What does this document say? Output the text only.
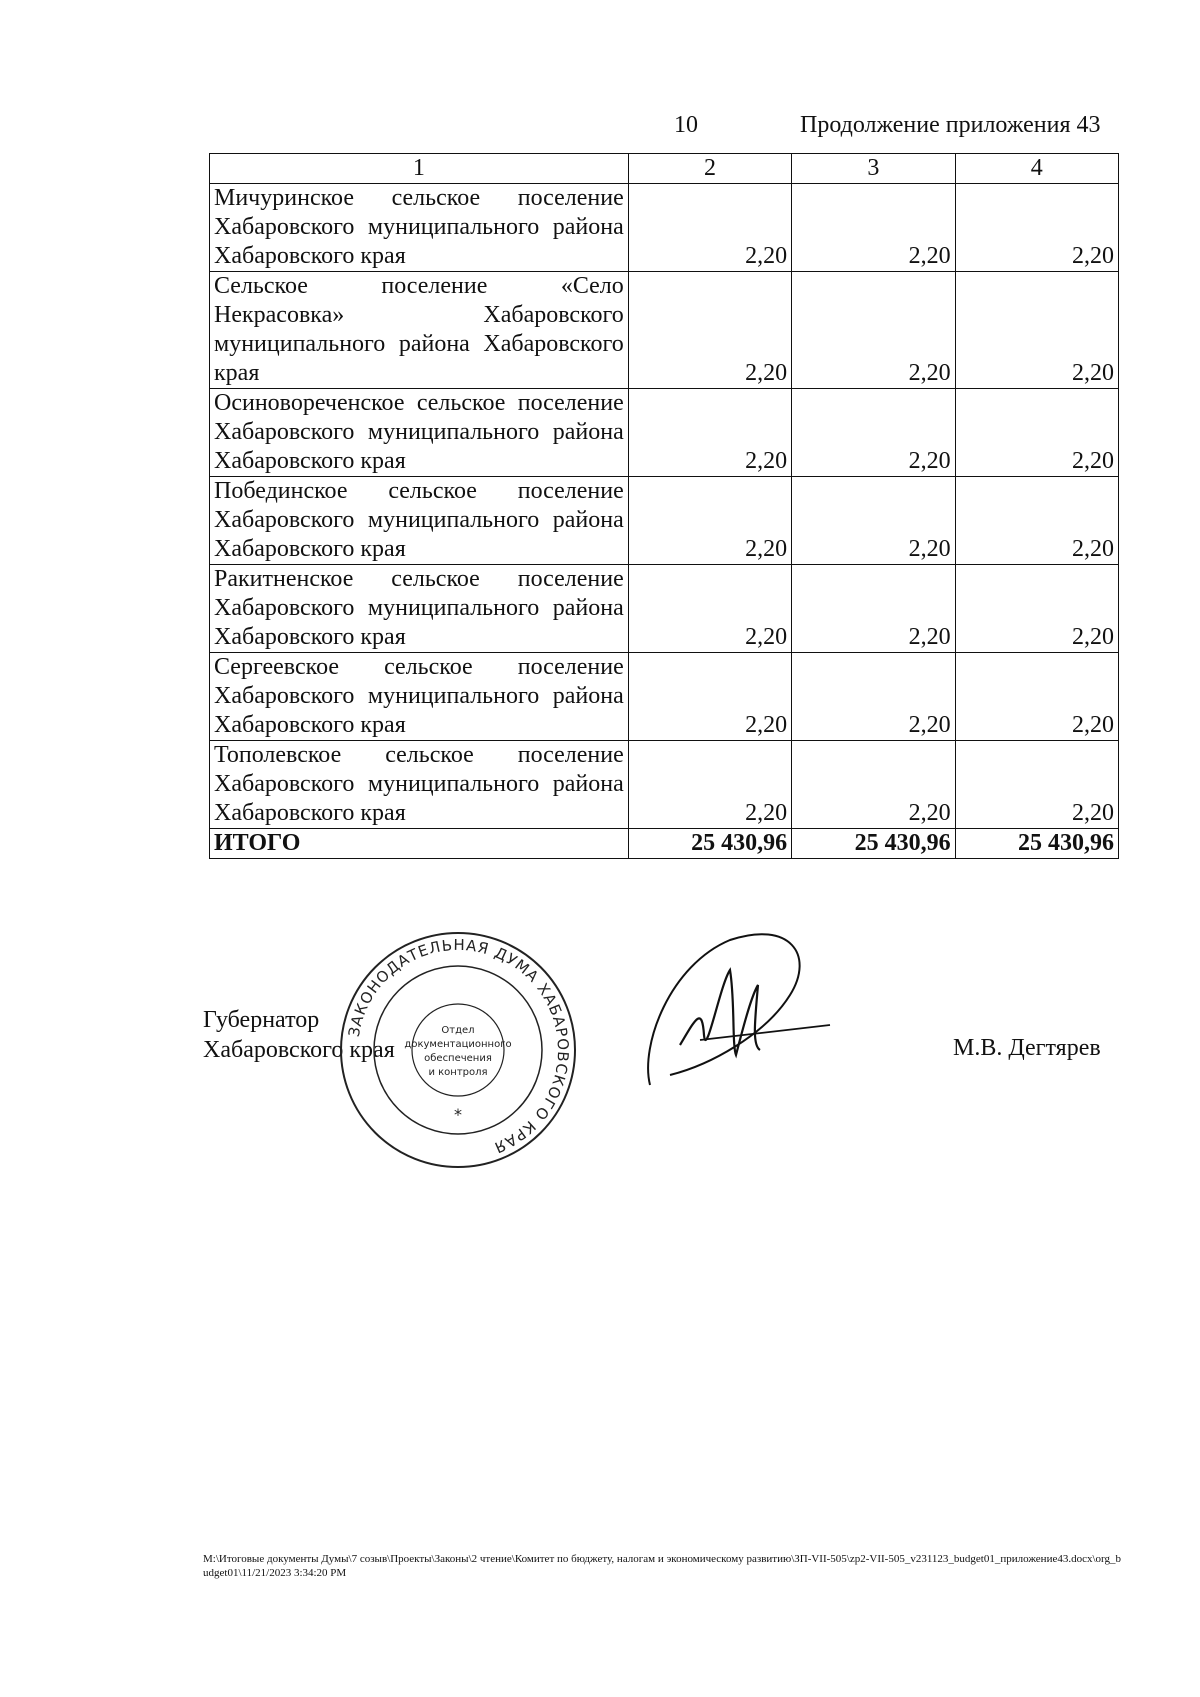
10	Продолжение приложения 43
1	2	3	4
Мичуринское сельское поселение Хабаровского муниципального района Хабаровского края	2,20	2,20	2,20
Сельское поселение «Село Некрасовка» Хабаровского муниципального района Хабаровского края	2,20	2,20	2,20
Осиновореченское сельское поселение Хабаровского муниципального района Хабаровского края	2,20	2,20	2,20
Побединское сельское поселение Хабаровского муниципального района Хабаровского края	2,20	2,20	2,20
Ракитненское сельское поселение Хабаровского муниципального района Хабаровского края	2,20	2,20	2,20
Сергеевское сельское поселение Хабаровского муниципального района Хабаровского края	2,20	2,20	2,20
Тополевское сельское поселение Хабаровского муниципального района Хабаровского края	2,20	2,20	2,20
ИТОГО	25 430,96	25 430,96	25 430,96
Губернатор
Хабаровского края
ЗАКОНОДАТЕЛЬНАЯ ДУМА ХАБАРОВСКОГО КРАЯ
Отдел
документационного
обеспечения
и контроля
*
М.В. Дегтярев
M:\Итоговые документы Думы\7 созыв\Проекты\Законы\2 чтение\Комитет по бюджету, налогам и экономическому развитию\ЗП-VII-505\zp2-VII-505_v231123_budget01_приложение43.docx\org_budget01\11/21/2023 3:34:20 PM
